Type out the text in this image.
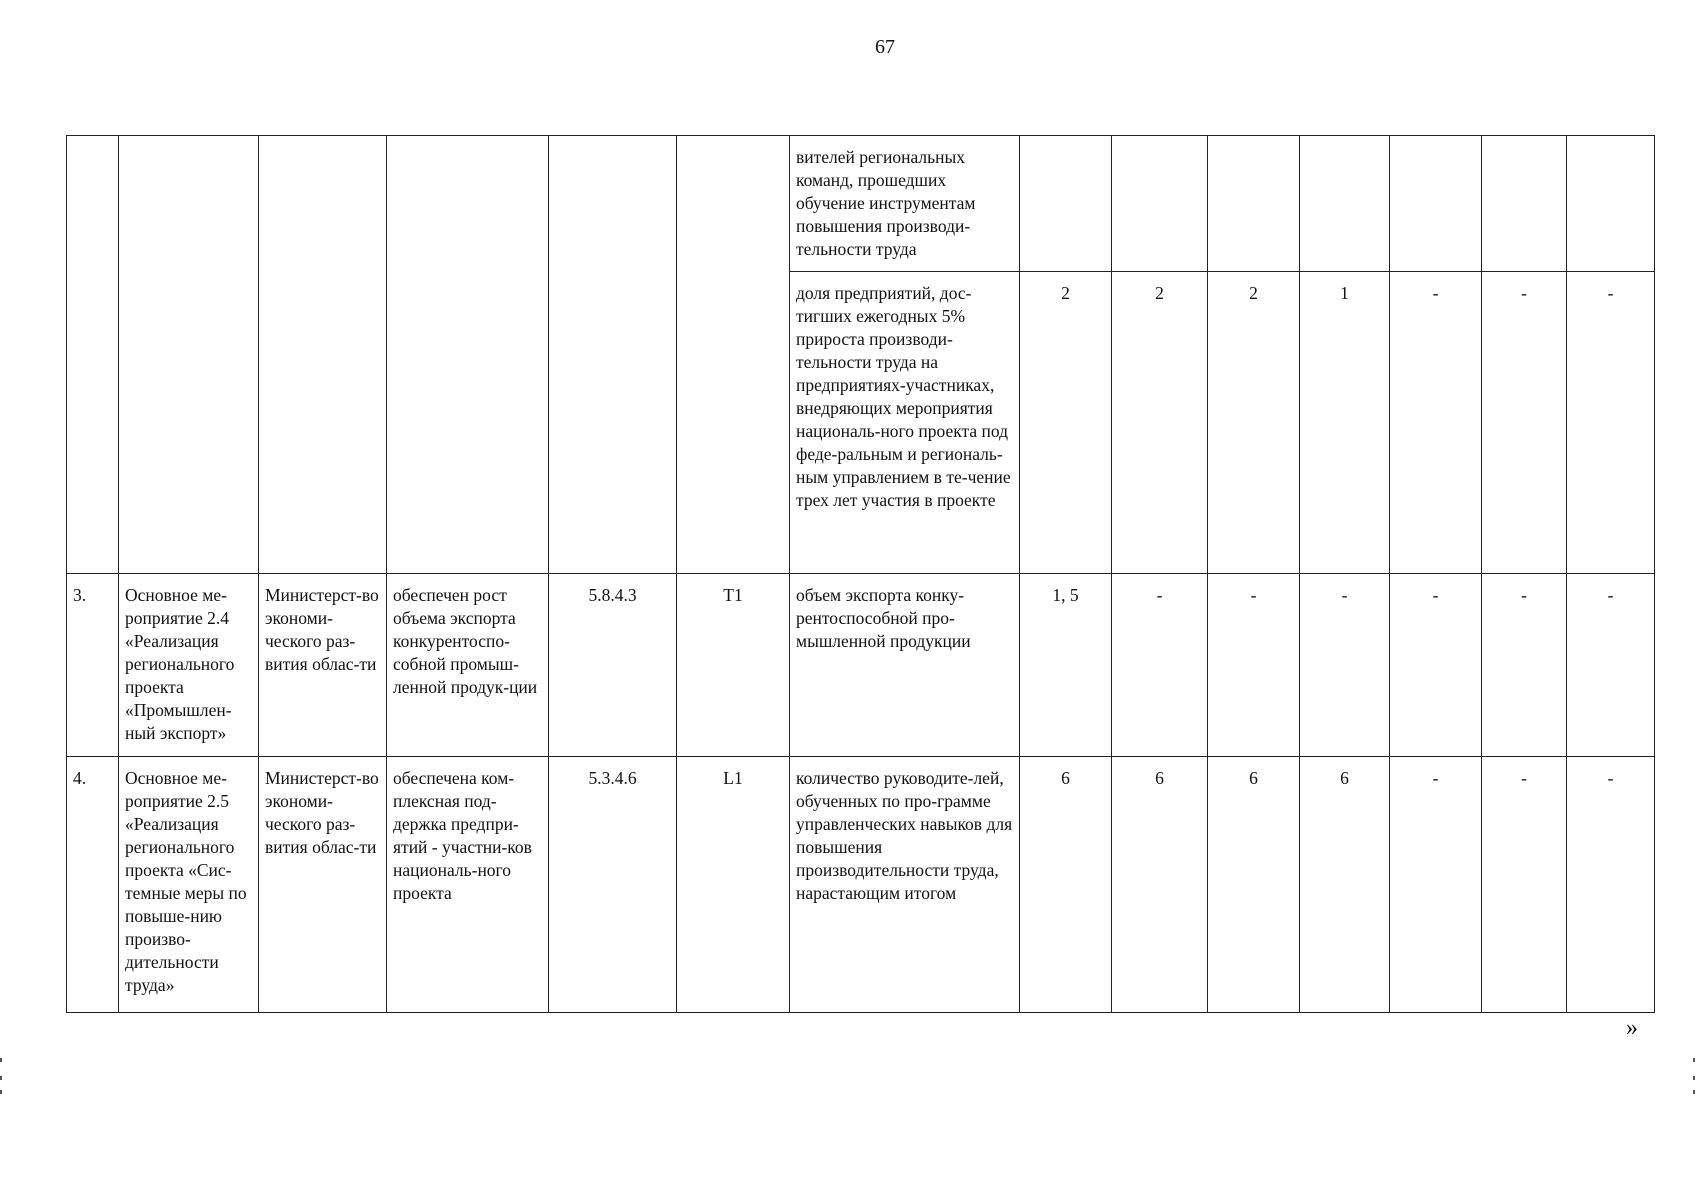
67
						вителей региональных команд, прошедших обучение инструментам повышения производи-тельности труда							
						доля предприятий, дос-тигших ежегодных 5% прироста производи-тельности труда на предприятиях-участниках, внедряющих мероприятия националь-ного проекта под феде-ральным и региональ-ным управлением в те-чение трех лет участия в проекте	2	2	2	1	-	-	-
3.	Основное ме-роприятие 2.4 «Реализация регионального проекта «Промышлен-ный экспорт»	Министерст-во экономи-ческого раз-вития облас-ти	обеспечен рост объема экспорта конкурентоспо-собной промыш-ленной продук-ции	5.8.4.3	Т1	объем экспорта конку-рентоспособной про-мышленной продукции	1, 5	-	-	-	-	-	-
4.	Основное ме-роприятие 2.5 «Реализация регионального проекта «Сис-темные меры по повыше-нию произво-дительности труда»	Министерст-во экономи-ческого раз-вития облас-ти	обеспечена ком-плексная под-держка предпри-ятий - участни-ков националь-ного проекта	5.3.4.6	L1	количество руководите-лей, обученных по про-грамме управленческих навыков для повышения производительности труда, нарастающим итогом	6	6	6	6	-	-	-
»
